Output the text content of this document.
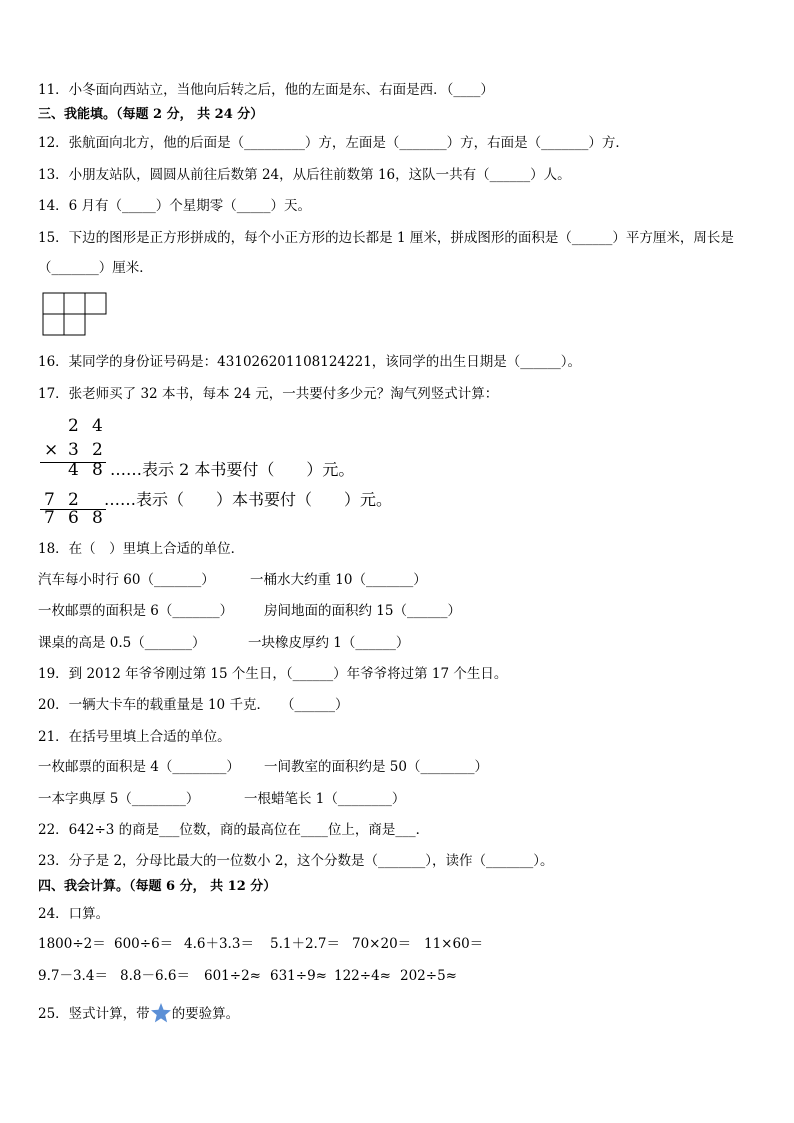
11．小冬面向西站立，当他向后转之后，他的左面是东、右面是西．（____）
三、我能填。（每题 2 分， 共 24 分）
12．张航面向北方，他的后面是（_________）方，左面是（_______）方，右面是（_______）方．
13．小朋友站队，圆圆从前往后数第 24，从后往前数第 16，这队一共有（______）人。
14．6 月有（_____）个星期零（_____）天。
15．下边的图形是正方形拼成的，每个小正方形的边长都是 1 厘米，拼成图形的面积是（______）平方厘米，周长是
（_______）厘米．
16．某同学的身份证号码是：431026201108124221，该同学的出生日期是（______）。
17．张老师买了 32 本书，每本 24 元，一共要付多少元？淘气列竖式计算：
2 4
× 3 2
4 8 ……表示 2 本书要付（　　）元。
7 2 ……表示（　　）本书要付（　　）元。
7 6 8
18．在（　）里填上合适的单位．
汽车每小时行 60（_______）	一桶水大约重 10（_______）
一枚邮票的面积是 6（_______） 房间地面的面积约 15（______）
课桌的高是 0.5（_______）	一块橡皮厚约 1（______）
19．到 2012 年爷爷刚过第 15 个生日，（______）年爷爷将过第 17 个生日。
20．一辆大卡车的载重量是 10 千克．　 （______）
21．在括号里填上合适的单位。
一枚邮票的面积是 4（________） 一间教室的面积约是 50（________）
一本字典厚 5（________）	一根蜡笔长 1（________）
22．642÷3 的商是___位数，商的最高位在____位上，商是___．
23．分子是 2，分母比最大的一位数小 2，这个分数是（_______），读作（_______）。
四、我会计算。（每题 6 分， 共 12 分）
24．口算。
1800÷2＝ 600÷6＝ 4.6＋3.3＝ 5.1＋2.7＝ 70×20＝ 11×60＝
9.7－3.4＝ 8.8－6.6＝ 601÷2≈ 631÷9≈ 122÷4≈ 202÷5≈
25．竖式计算，带 的要验算。
